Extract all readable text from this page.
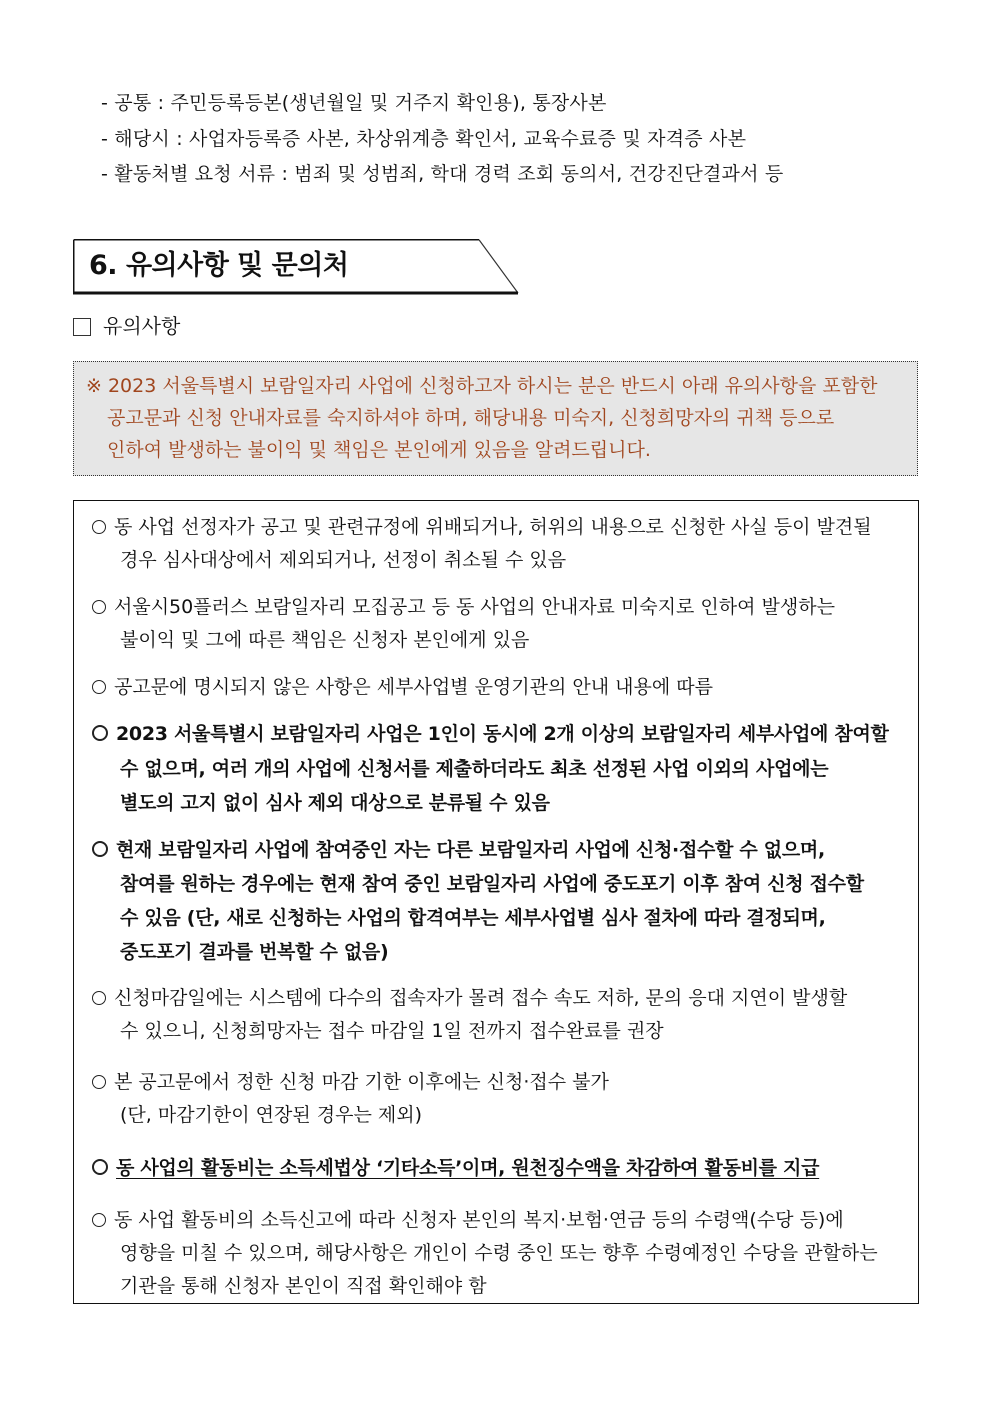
- 공통 : 주민등록등본(생년월일 및 거주지 확인용), 통장사본
- 해당시 : 사업자등록증 사본, 차상위계층 확인서, 교육수료증 및 자격증 사본
- 활동처별 요청 서류 : 범죄 및 성범죄, 학대 경력 조회 동의서, 건강진단결과서 등
6. 유의사항 및 문의처
유의사항
※ 2023 서울특별시 보람일자리 사업에 신청하고자 하시는 분은 반드시 아래 유의사항을 포함한
공고문과 신청 안내자료를 숙지하셔야 하며, 해당내용 미숙지, 신청희망자의 귀책 등으로
인하여 발생하는 불이익 및 책임은 본인에게 있음을 알려드립니다.
동 사업 선정자가 공고 및 관련규정에 위배되거나, 허위의 내용으로 신청한 사실 등이 발견될
경우 심사대상에서 제외되거나, 선정이 취소될 수 있음
서울시50플러스 보람일자리 모집공고 등 동 사업의 안내자료 미숙지로 인하여 발생하는
불이익 및 그에 따른 책임은 신청자 본인에게 있음
공고문에 명시되지 않은 사항은 세부사업별 운영기관의 안내 내용에 따름
2023 서울특별시 보람일자리 사업은 1인이 동시에 2개 이상의 보람일자리 세부사업에 참여할
수 없으며, 여러 개의 사업에 신청서를 제출하더라도 최초 선정된 사업 이외의 사업에는
별도의 고지 없이 심사 제외 대상으로 분류될 수 있음
현재 보람일자리 사업에 참여중인 자는 다른 보람일자리 사업에 신청·접수할 수 없으며,
참여를 원하는 경우에는 현재 참여 중인 보람일자리 사업에 중도포기 이후 참여 신청 접수할
수 있음 (단, 새로 신청하는 사업의 합격여부는 세부사업별 심사 절차에 따라 결정되며,
중도포기 결과를 번복할 수 없음)
신청마감일에는 시스템에 다수의 접속자가 몰려 접수 속도 저하, 문의 응대 지연이 발생할
수 있으니, 신청희망자는 접수 마감일 1일 전까지 접수완료를 권장
본 공고문에서 정한 신청 마감 기한 이후에는 신청·접수 불가
(단, 마감기한이 연장된 경우는 제외)
동 사업의 활동비는 소득세법상 ‘기타소득’이며, 원천징수액을 차감하여 활동비를 지급
동 사업 활동비의 소득신고에 따라 신청자 본인의 복지·보험·연금 등의 수령액(수당 등)에
영향을 미칠 수 있으며, 해당사항은 개인이 수령 중인 또는 향후 수령예정인 수당을 관할하는
기관을 통해 신청자 본인이 직접 확인해야 함
